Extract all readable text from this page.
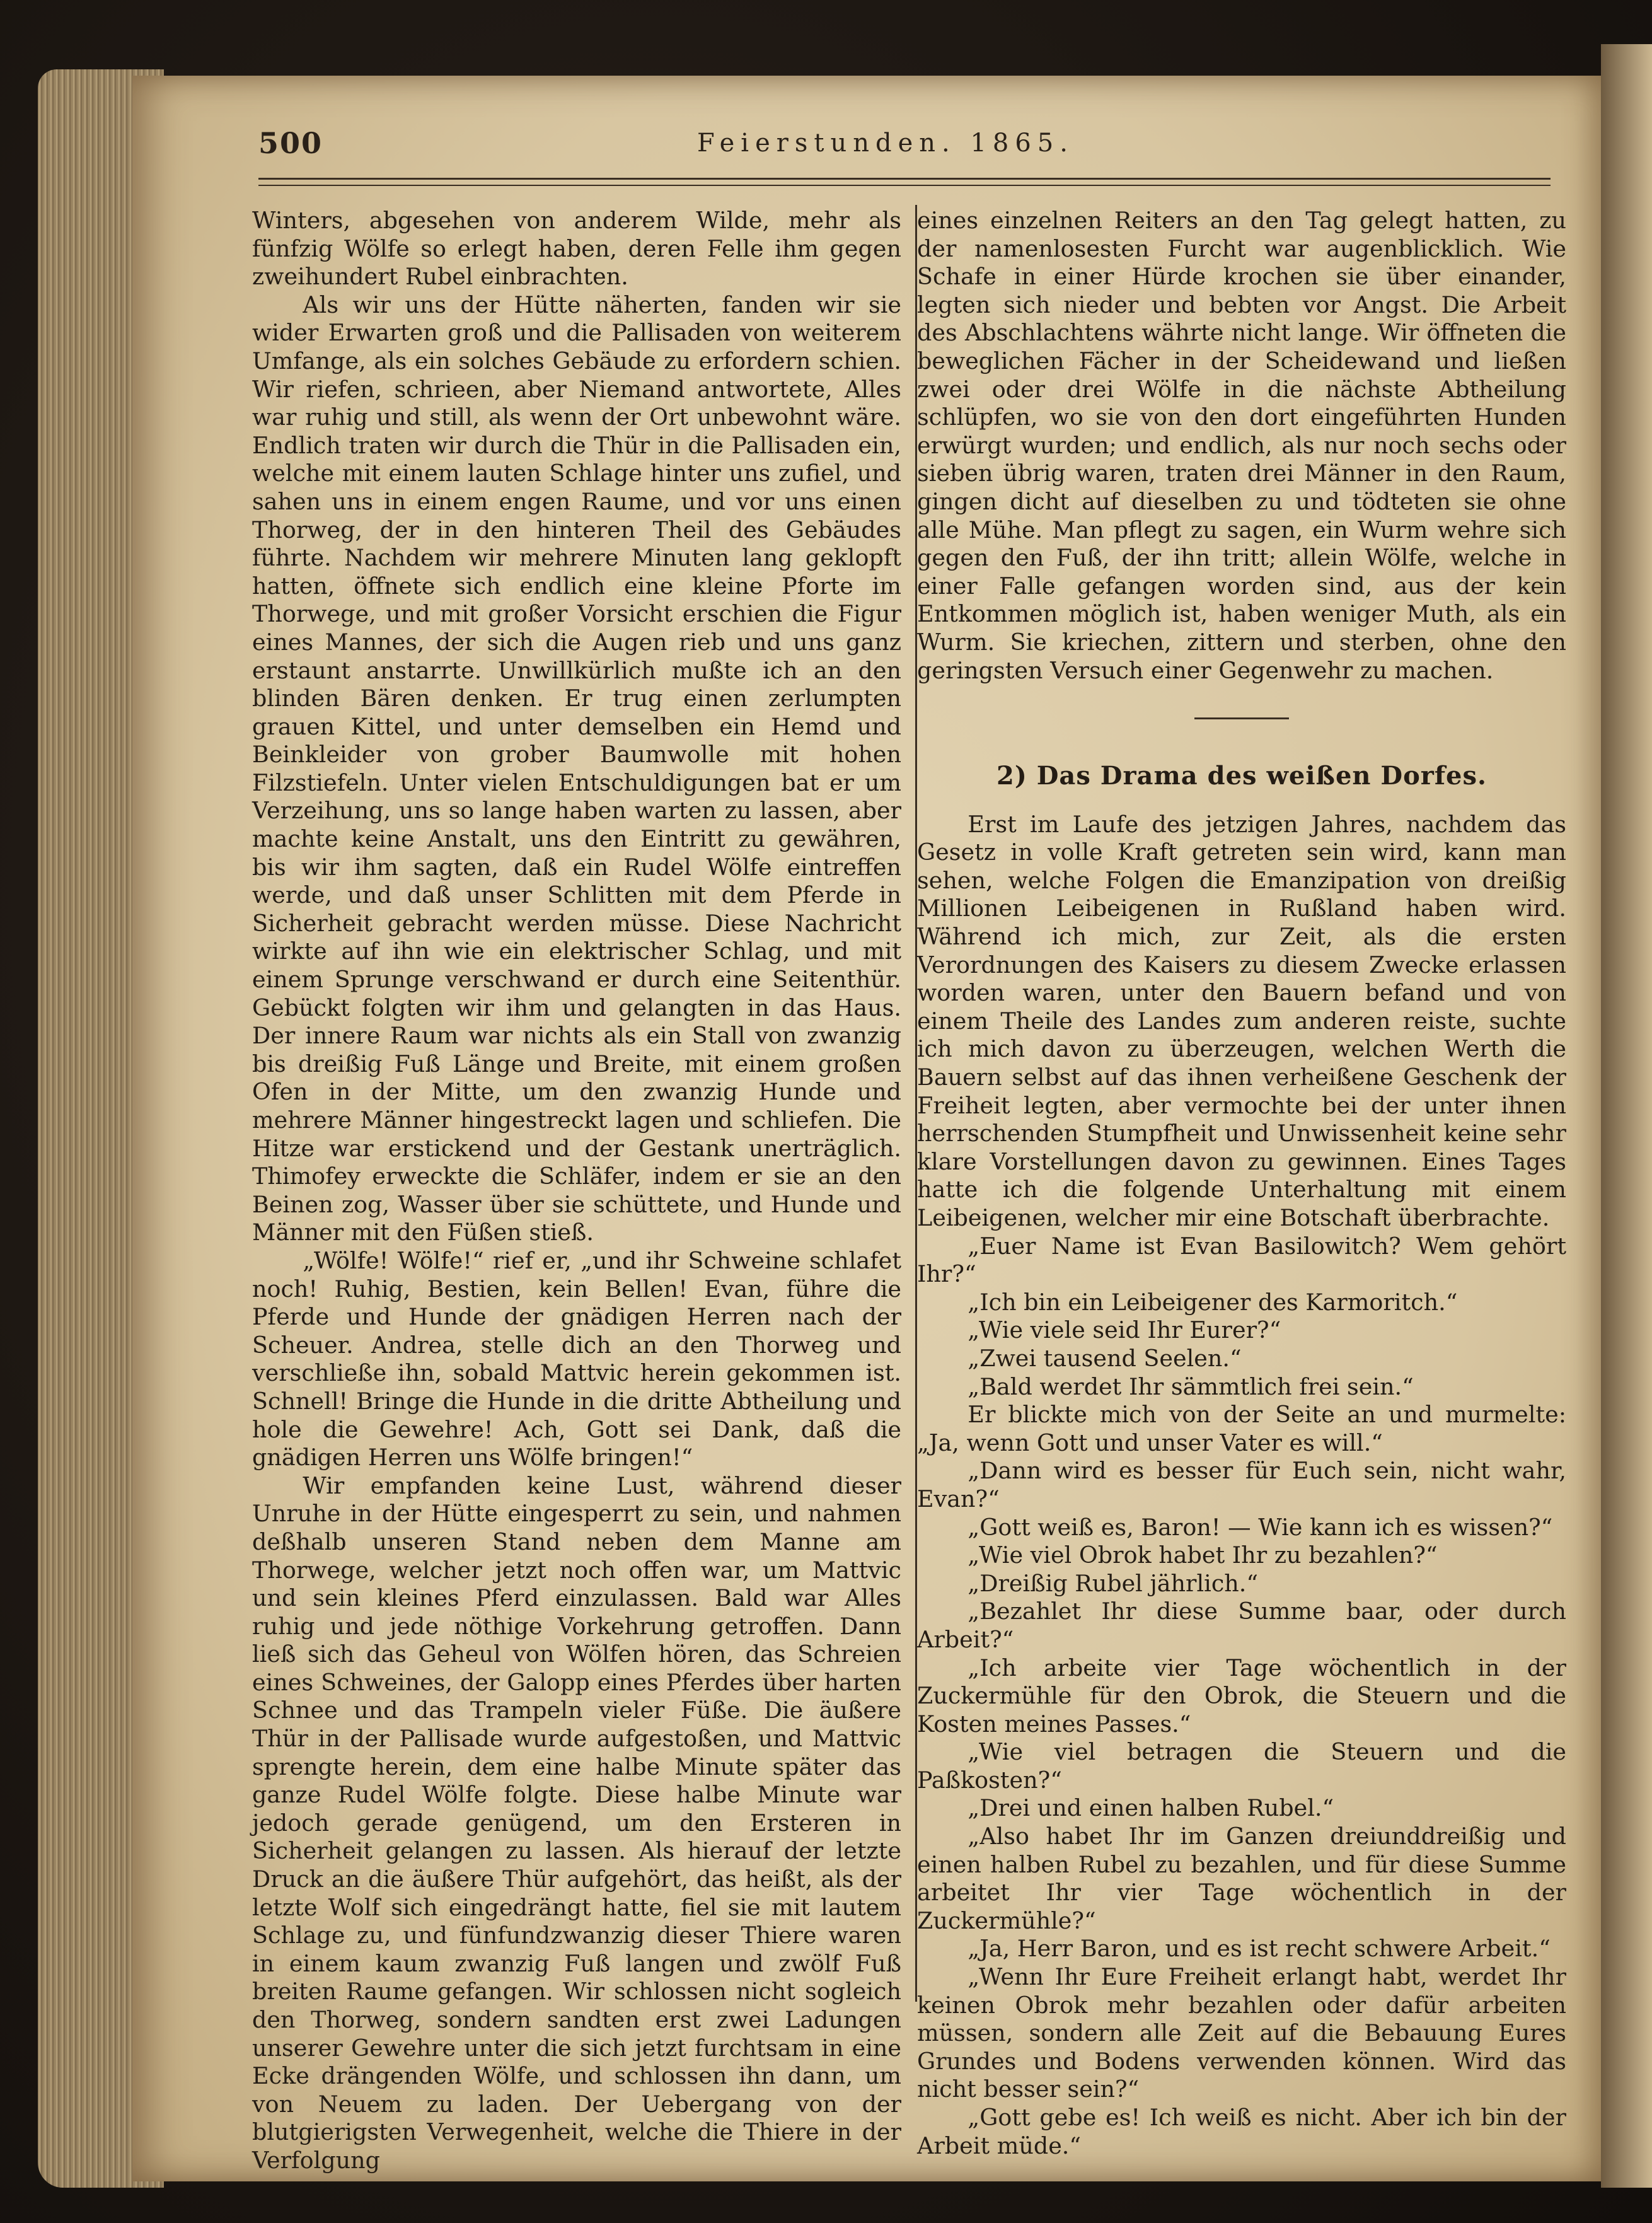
500	Feierstunden. 1865.

Winters, abgesehen von anderem Wilde, mehr als fünfzig Wölfe so erlegt haben, deren Felle ihm gegen zweihundert Rubel einbrachten.

Als wir uns der Hütte näherten, fanden wir sie wider Erwarten groß und die Pallisaden von weiterem Umfange, als ein solches Gebäude zu erfordern schien. Wir riefen, schrieen, aber Niemand antwortete, Alles war ruhig und still, als wenn der Ort unbewohnt wäre. Endlich traten wir durch die Thür in die Pallisaden ein, welche mit einem lauten Schlage hinter uns zufiel, und sahen uns in einem engen Raume, und vor uns einen Thorweg, der in den hinteren Theil des Gebäudes führte. Nachdem wir mehrere Minuten lang geklopft hatten, öffnete sich endlich eine kleine Pforte im Thorwege, und mit großer Vorsicht erschien die Figur eines Mannes, der sich die Augen rieb und uns ganz erstaunt anstarrte. Unwillkürlich mußte ich an den blinden Bären denken. Er trug einen zerlumpten grauen Kittel, und unter demselben ein Hemd und Beinkleider von grober Baumwolle mit hohen Filzstiefeln. Unter vielen Entschuldigungen bat er um Verzeihung, uns so lange haben warten zu lassen, aber machte keine Anstalt, uns den Eintritt zu gewähren, bis wir ihm sagten, daß ein Rudel Wölfe eintreffen werde, und daß unser Schlitten mit dem Pferde in Sicherheit gebracht werden müsse. Diese Nachricht wirkte auf ihn wie ein elektrischer Schlag, und mit einem Sprunge verschwand er durch eine Seitenthür. Gebückt folgten wir ihm und gelangten in das Haus. Der innere Raum war nichts als ein Stall von zwanzig bis dreißig Fuß Länge und Breite, mit einem großen Ofen in der Mitte, um den zwanzig Hunde und mehrere Männer hingestreckt lagen und schliefen. Die Hitze war erstickend und der Gestank unerträglich. Thimofey erweckte die Schläfer, indem er sie an den Beinen zog, Wasser über sie schüttete, und Hunde und Männer mit den Füßen stieß.

„Wölfe! Wölfe!“ rief er, „und ihr Schweine schlafet noch! Ruhig, Bestien, kein Bellen! Evan, führe die Pferde und Hunde der gnädigen Herren nach der Scheuer. Andrea, stelle dich an den Thorweg und verschließe ihn, sobald Mattvic herein gekommen ist. Schnell! Bringe die Hunde in die dritte Abtheilung und hole die Gewehre! Ach, Gott sei Dank, daß die gnädigen Herren uns Wölfe bringen!“

Wir empfanden keine Lust, während dieser Unruhe in der Hütte eingesperrt zu sein, und nahmen deßhalb unseren Stand neben dem Manne am Thorwege, welcher jetzt noch offen war, um Mattvic und sein kleines Pferd einzulassen. Bald war Alles ruhig und jede nöthige Vorkehrung getroffen. Dann ließ sich das Geheul von Wölfen hören, das Schreien eines Schweines, der Galopp eines Pferdes über harten Schnee und das Trampeln vieler Füße. Die äußere Thür in der Pallisade wurde aufgestoßen, und Mattvic sprengte herein, dem eine halbe Minute später das ganze Rudel Wölfe folgte. Diese halbe Minute war jedoch gerade genügend, um den Ersteren in Sicherheit gelangen zu lassen. Als hierauf der letzte Druck an die äußere Thür aufgehört, das heißt, als der letzte Wolf sich eingedrängt hatte, fiel sie mit lautem Schlage zu, und fünfundzwanzig dieser Thiere waren in einem kaum zwanzig Fuß langen und zwölf Fuß breiten Raume gefangen. Wir schlossen nicht sogleich den Thorweg, sondern sandten erst zwei Ladungen unserer Gewehre unter die sich jetzt furchtsam in eine Ecke drängenden Wölfe, und schlossen ihn dann, um von Neuem zu laden. Der Uebergang von der blutgierigsten Verwegenheit, welche die Thiere in der Verfolgung

eines einzelnen Reiters an den Tag gelegt hatten, zu der namenlosesten Furcht war augenblicklich. Wie Schafe in einer Hürde krochen sie über einander, legten sich nieder und bebten vor Angst. Die Arbeit des Abschlachtens währte nicht lange. Wir öffneten die beweglichen Fächer in der Scheidewand und ließen zwei oder drei Wölfe in die nächste Abtheilung schlüpfen, wo sie von den dort eingeführten Hunden erwürgt wurden; und endlich, als nur noch sechs oder sieben übrig waren, traten drei Männer in den Raum, gingen dicht auf dieselben zu und tödteten sie ohne alle Mühe. Man pflegt zu sagen, ein Wurm wehre sich gegen den Fuß, der ihn tritt; allein Wölfe, welche in einer Falle gefangen worden sind, aus der kein Entkommen möglich ist, haben weniger Muth, als ein Wurm. Sie kriechen, zittern und sterben, ohne den geringsten Versuch einer Gegenwehr zu machen.

2) Das Drama des weißen Dorfes.

Erst im Laufe des jetzigen Jahres, nachdem das Gesetz in volle Kraft getreten sein wird, kann man sehen, welche Folgen die Emanzipation von dreißig Millionen Leibeigenen in Rußland haben wird. Während ich mich, zur Zeit, als die ersten Verordnungen des Kaisers zu diesem Zwecke erlassen worden waren, unter den Bauern befand und von einem Theile des Landes zum anderen reiste, suchte ich mich davon zu überzeugen, welchen Werth die Bauern selbst auf das ihnen verheißene Geschenk der Freiheit legten, aber vermochte bei der unter ihnen herrschenden Stumpfheit und Unwissenheit keine sehr klare Vorstellungen davon zu gewinnen. Eines Tages hatte ich die folgende Unterhaltung mit einem Leibeigenen, welcher mir eine Botschaft überbrachte.

„Euer Name ist Evan Basilowitch? Wem gehört Ihr?“

„Ich bin ein Leibeigener des Karmoritch.“

„Wie viele seid Ihr Eurer?“

„Zwei tausend Seelen.“

„Bald werdet Ihr sämmtlich frei sein.“

Er blickte mich von der Seite an und murmelte: „Ja, wenn Gott und unser Vater es will.“

„Dann wird es besser für Euch sein, nicht wahr, Evan?“

„Gott weiß es, Baron! — Wie kann ich es wissen?“

„Wie viel Obrok habet Ihr zu bezahlen?“

„Dreißig Rubel jährlich.“

„Bezahlet Ihr diese Summe baar, oder durch Arbeit?“

„Ich arbeite vier Tage wöchentlich in der Zuckermühle für den Obrok, die Steuern und die Kosten meines Passes.“

„Wie viel betragen die Steuern und die Paßkosten?“

„Drei und einen halben Rubel.“

„Also habet Ihr im Ganzen dreiunddreißig und einen halben Rubel zu bezahlen, und für diese Summe arbeitet Ihr vier Tage wöchentlich in der Zuckermühle?“

„Ja, Herr Baron, und es ist recht schwere Arbeit.“

„Wenn Ihr Eure Freiheit erlangt habt, werdet Ihr keinen Obrok mehr bezahlen oder dafür arbeiten müssen, sondern alle Zeit auf die Bebauung Eures Grundes und Bodens verwenden können. Wird das nicht besser sein?“

„Gott gebe es! Ich weiß es nicht. Aber ich bin der Arbeit müde.“
